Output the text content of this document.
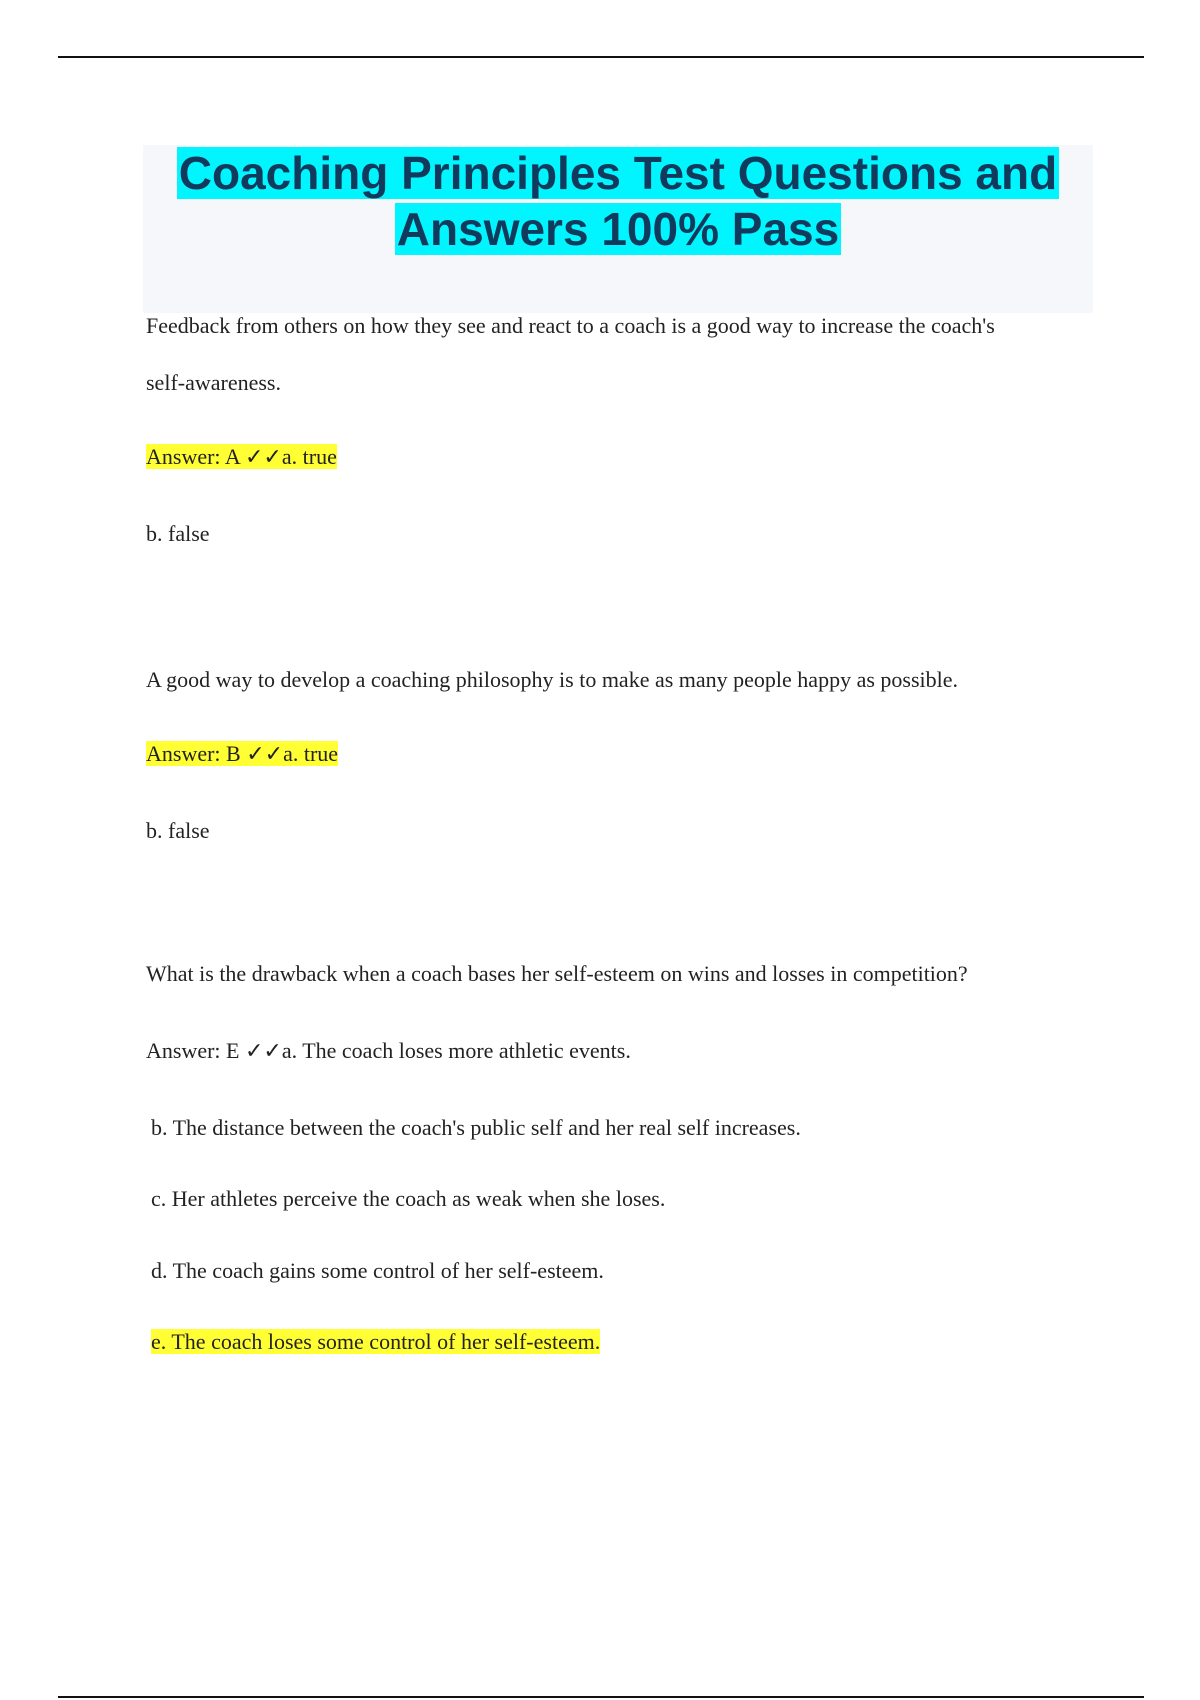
Coaching Principles Test Questions and
Answers 100% Pass

Feedback from others on how they see and react to a coach is a good way to increase the coach's

self-awareness.

Answer: A ✓✓a. true

b. false

A good way to develop a coaching philosophy is to make as many people happy as possible.

Answer: B ✓✓a. true

b. false

What is the drawback when a coach bases her self-esteem on wins and losses in competition?

Answer: E ✓✓a. The coach loses more athletic events.

b. The distance between the coach's public self and her real self increases.

c. Her athletes perceive the coach as weak when she loses.

d. The coach gains some control of her self-esteem.

e. The coach loses some control of her self-esteem.
